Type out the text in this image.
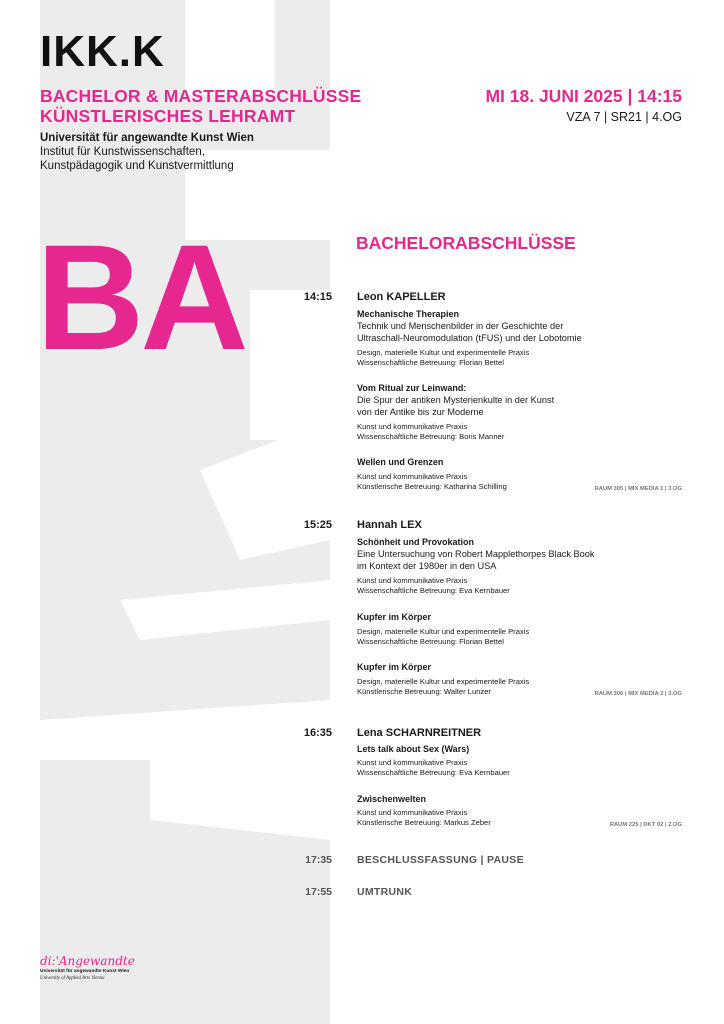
IKK.K
BACHELOR & MASTERABSCHLÜSSE
KÜNSTLERISCHES LEHRAMT
Universität für angewandte Kunst Wien
Institut für Kunstwissenschaften,
Kunstpädagogik und Kunstvermittlung
MI 18. JUNI 2025 | 14:15
VZA 7 | SR21 | 4.OG
BA	BACHELORABSCHLÜSSE
14:15 Leon KAPELLER
Mechanische Therapien
Technik und Menschenbilder in der Geschichte der
Ultraschall-Neuromodulation (tFUS) und der Lobotomie
Design, materielle Kultur und experimentelle Praxis
Wissenschaftliche Betreuung: Florian Bettel
Vom Ritual zur Leinwand:
Die Spur der antiken Mysterienkulte in der Kunst
von der Antike bis zur Moderne
Kunst und kommunikative Praxis
Wissenschaftliche Betreuung: Boris Manner
Wellen und Grenzen
Kunst und kommunikative Praxis
Künstlerische Betreuung: Katharina Schilling	RAUM 305 | MIX MEDIA 1 | 3.OG
15:25 Hannah LEX
Schönheit und Provokation
Eine Untersuchung von Robert Mapplethorpes Black Book
im Kontext der 1980er in den USA
Kunst und kommunikative Praxis
Wissenschaftliche Betreuung: Eva Kernbauer
Kupfer im Körper
Design, materielle Kultur und experimentelle Praxis
Wissenschaftliche Betreuung: Florian Bettel
Kupfer im Körper
Design, materielle Kultur und experimentelle Praxis
Künstlerische Betreuung: Walter Lunzer	RAUM 306 | MIX MEDIA 2 | 3.OG
16:35 Lena SCHARNREITNER
Lets talk about Sex (Wars)
Kunst und kommunikative Praxis
Wissenschaftliche Betreuung: Eva Kernbauer
Zwischenwelten
Kunst und kommunikative Praxis
Künstlerische Betreuung: Markus Zeber	RAUM 225 | DKT 02 | 2.OG
17:35 BESCHLUSSFASSUNG | PAUSE
17:55 UMTRUNK
di:'Angewandte
Universität für angewandte Kunst Wien
University of Applied Arts Vienna
